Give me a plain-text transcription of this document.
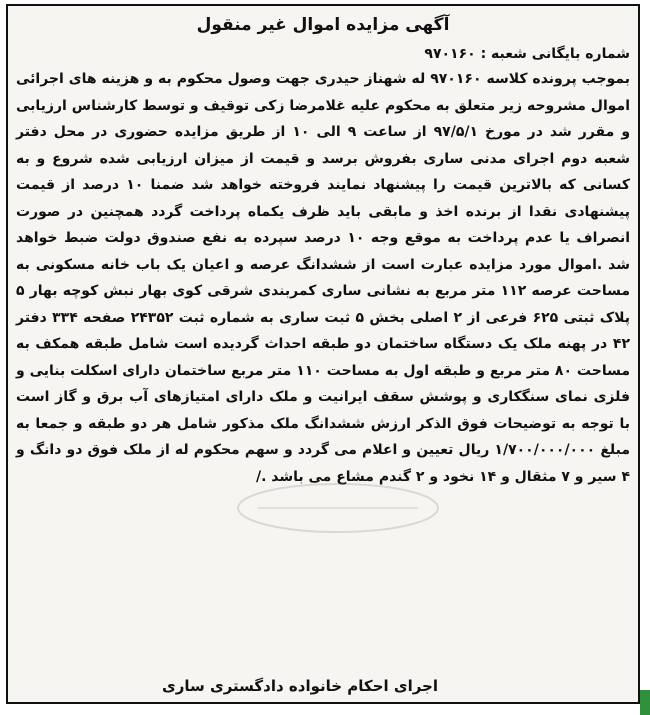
آگهی مزایده اموال غیر منقول

شماره بایگانی شعبه : ۹۷۰۱۶۰

بموجب پرونده کلاسه ۹۷۰۱۶۰ له شهناز حیدری جهت وصول محکوم به و هزینه های اجرائی اموال مشروحه زیر متعلق به محکوم علیه غلامرضا زکی توقیف و توسط کارشناس ارزیابی و مقرر شد در مورخ ۹۷/۵/۱ از ساعت ۹ الی ۱۰ از طریق مزایده حضوری در محل دفتر شعبه دوم اجرای مدنی ساری بفروش برسد و قیمت از میزان ارزیابی شده شروع و به کسانی که بالاترین قیمت را پیشنهاد نمایند فروخته خواهد شد ضمنا ۱۰ درصد از قیمت پیشنهادی نقدا از برنده اخذ و مابقی باید ظرف یکماه پرداخت گردد همچنین در صورت انصراف یا عدم پرداخت به موقع وجه ۱۰ درصد سپرده به نفع صندوق دولت ضبط خواهد شد .اموال مورد مزایده عبارت است از ششدانگ عرصه و اعیان یک باب خانه مسکونی به مساحت عرصه ۱۱۲ متر مربع به نشانی ساری کمربندی شرقی کوی بهار نبش کوچه بهار ۵ پلاک ثبتی ۶۲۵ فرعی از ۲ اصلی بخش ۵ ثبت ساری به شماره ثبت ۲۴۳۵۲ صفحه ۳۳۴ دفتر ۴۲ در پهنه ملک یک دستگاه ساختمان دو طبقه احداث گردیده است شامل طبقه همکف به مساحت ۸۰ متر مربع و طبقه اول به مساحت ۱۱۰ متر مربع ساختمان دارای اسکلت بنایی و فلزی نمای سنگکاری و پوشش سقف ایرانیت و ملک دارای امتیازهای آب برق و گاز است با توجه به توضیحات فوق الذکر ارزش ششدانگ ملک مذکور شامل هر دو طبقه و جمعا به مبلغ ۱/۷۰۰/۰۰۰/۰۰۰ ریال تعیین و اعلام می گردد و سهم محکوم له از ملک فوق دو دانگ و ۴ سیر و ۷ مثقال و ۱۴ نخود و ۲ گندم مشاع می باشد ./

اجرای احکام خانواده دادگستری ساری
